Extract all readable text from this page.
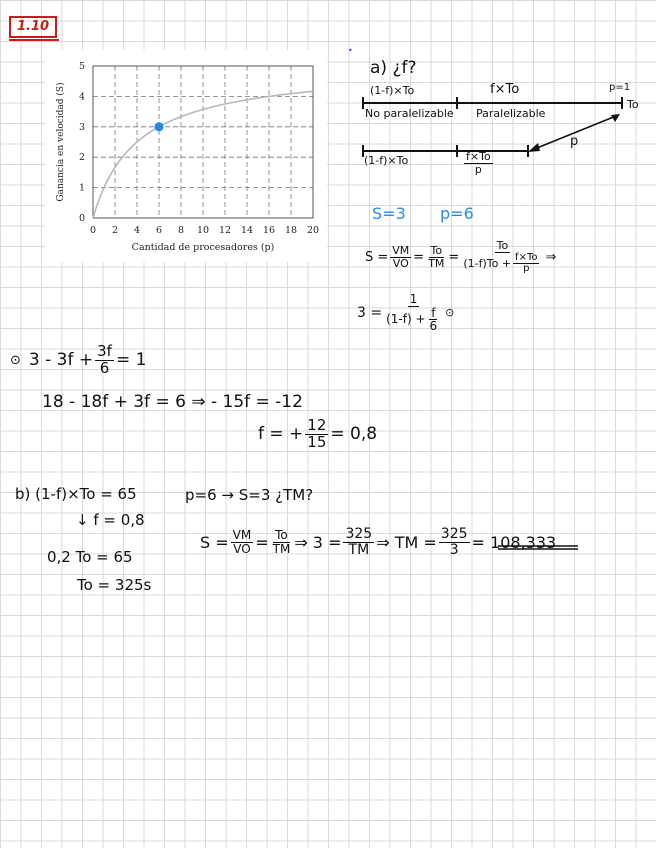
1.10
0 2 4 6 8 10 12 14 16 18 20
0
1
2
3
4
5
Cantidad de procesadores (p)
Ganancia en velocidad (S)
•
a) ¿f?
(1-f)×To	f×To	p=1
To
No paralelizable Paralelizable
(1-f)×To	$\frac{f\times To}{p}$
p
S=3 p=6
$S = \frac{VM}{VO} = \frac{To}{TM} = \frac{To}{(1-f)To + \frac{f\times To}{p}}$ ⇒
$3 = \frac{1}{(1-f) + \frac{f}{6}}$ ⊙
⊙ $3 - 3f + \frac{3f}{6} = 1$
18 - 18f + 3f = 6 ⇒ - 15f = -12
f = + $\frac{12}{15} = 0,8$
b) (1-f)×To = 65	p=6 → S=3 ¿TM?
↓ f = 0,8
0,2 To = 65
To = 325s
$S = \frac{VM}{VO} = \frac{To}{TM}$ ⇒ $3 = \frac{325}{TM}$ ⇒ TM = $\frac{325}{3} = 108,333$
